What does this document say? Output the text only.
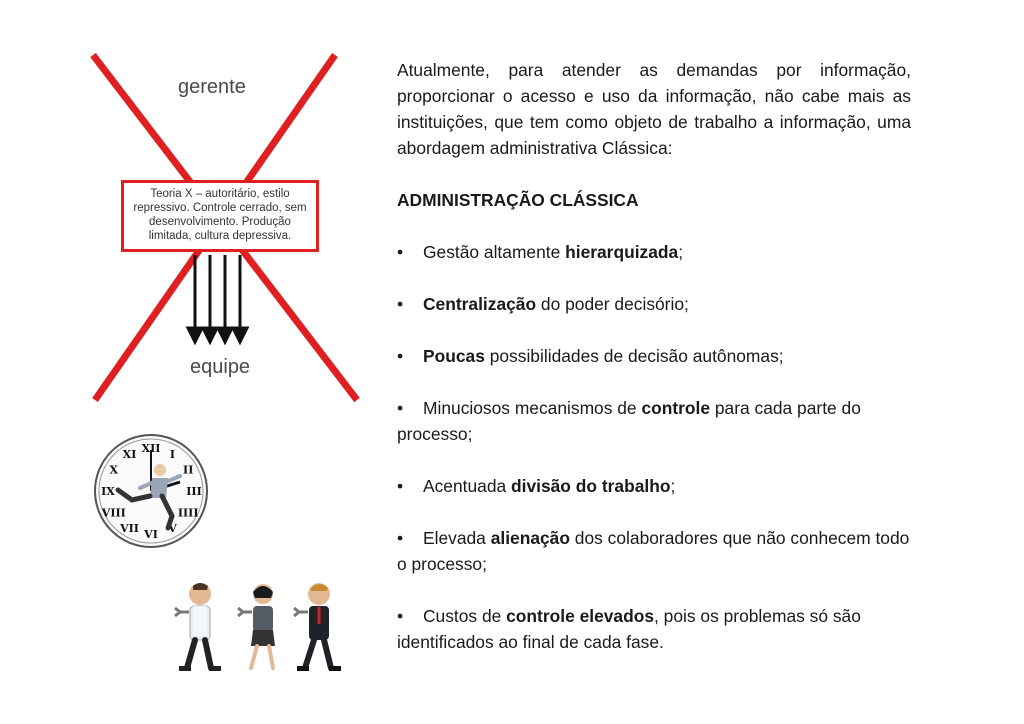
gerente
Teoria X – autoritário, estilo repressivo. Controle cerrado, sem desenvolvimento. Produção limitada, cultura depressiva.
equipe
XII I
II
III
IIII
V
VI
VII
VIII
IX
X
XI

Atualmente, para atender as demandas por informação, proporcionar o acesso e uso da informação, não cabe mais as instituições, que tem como objeto de trabalho a informação, uma abordagem administrativa Clássica:

ADMINISTRAÇÃO CLÁSSICA

• Gestão altamente hierarquizada;

• Centralização do poder decisório;

• Poucas possibilidades de decisão autônomas;

• Minuciosos mecanismos de controle para cada parte do processo;

• Acentuada divisão do trabalho;

• Elevada alienação dos colaboradores que não conhecem todo o processo;

• Custos de controle elevados, pois os problemas só são identificados ao final de cada fase.
